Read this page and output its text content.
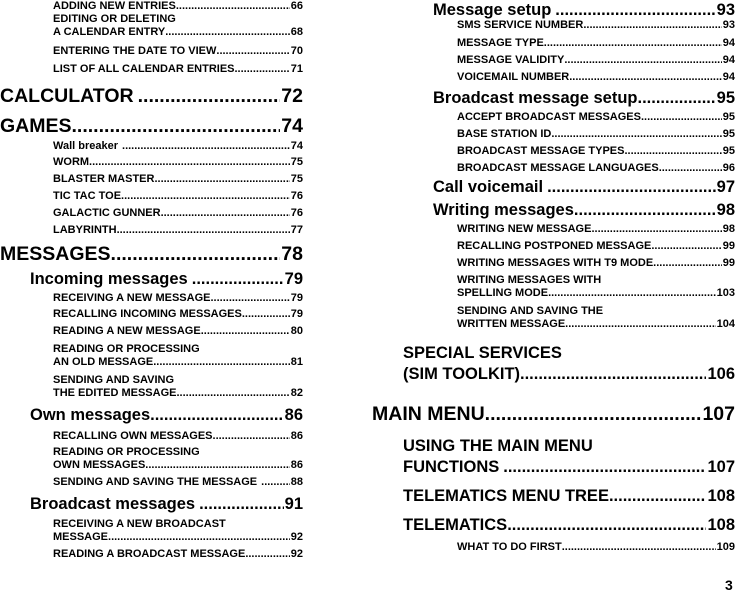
ADDING NEW ENTRIES .....	66
EDITING OR DELETING
A CALENDAR ENTRY .....	68
ENTERING THE DATE TO VIEW .....	70
LIST OF ALL CALENDAR ENTRIES .....	71
CALCULATOR .....	72
GAMES .....	74
Wall breaker .....	74
WORM .....	75
BLASTER MASTER .....	75
TIC TAC TOE .....	76
GALACTIC GUNNER .....	76
LABYRINTH .....	77
MESSAGES .....	78
Incoming messages .....	79
RECEIVING A NEW MESSAGE .....	79
RECALLING INCOMING MESSAGES .....	79
READING A NEW MESSAGE .....	80
READING OR PROCESSING
AN OLD MESSAGE .....	81
SENDING AND SAVING
THE EDITED MESSAGE .....	82
Own messages .....	86
RECALLING OWN MESSAGES .....	86
READING OR PROCESSING
OWN MESSAGES .....	86
SENDING AND SAVING THE MESSAGE .....	88
Broadcast messages .....	91
RECEIVING A NEW BROADCAST
MESSAGE .....	92
READING A BROADCAST MESSAGE .....	92
Message setup .....	93
SMS SERVICE NUMBER .....	93
MESSAGE TYPE .....	94
MESSAGE VALIDITY .....	94
VOICEMAIL NUMBER .....	94
Broadcast message setup .....	95
ACCEPT BROADCAST MESSAGES .....	95
BASE STATION ID .....	95
BROADCAST MESSAGE TYPES .....	95
BROADCAST MESSAGE LANGUAGES .....	96
Call voicemail .....	97
Writing messages .....	98
WRITING NEW MESSAGE .....	98
RECALLING POSTPONED MESSAGE .....	99
WRITING MESSAGES WITH T9 MODE .....	99
WRITING MESSAGES WITH
SPELLING MODE .....	103
SENDING AND SAVING THE
WRITTEN MESSAGE .....	104
SPECIAL SERVICES
(SIM TOOLKIT) .....	106
MAIN MENU .....	107
USING THE MAIN MENU
FUNCTIONS .....	107
TELEMATICS MENU TREE .....	108
TELEMATICS .....	108
WHAT TO DO FIRST .....	109
3
